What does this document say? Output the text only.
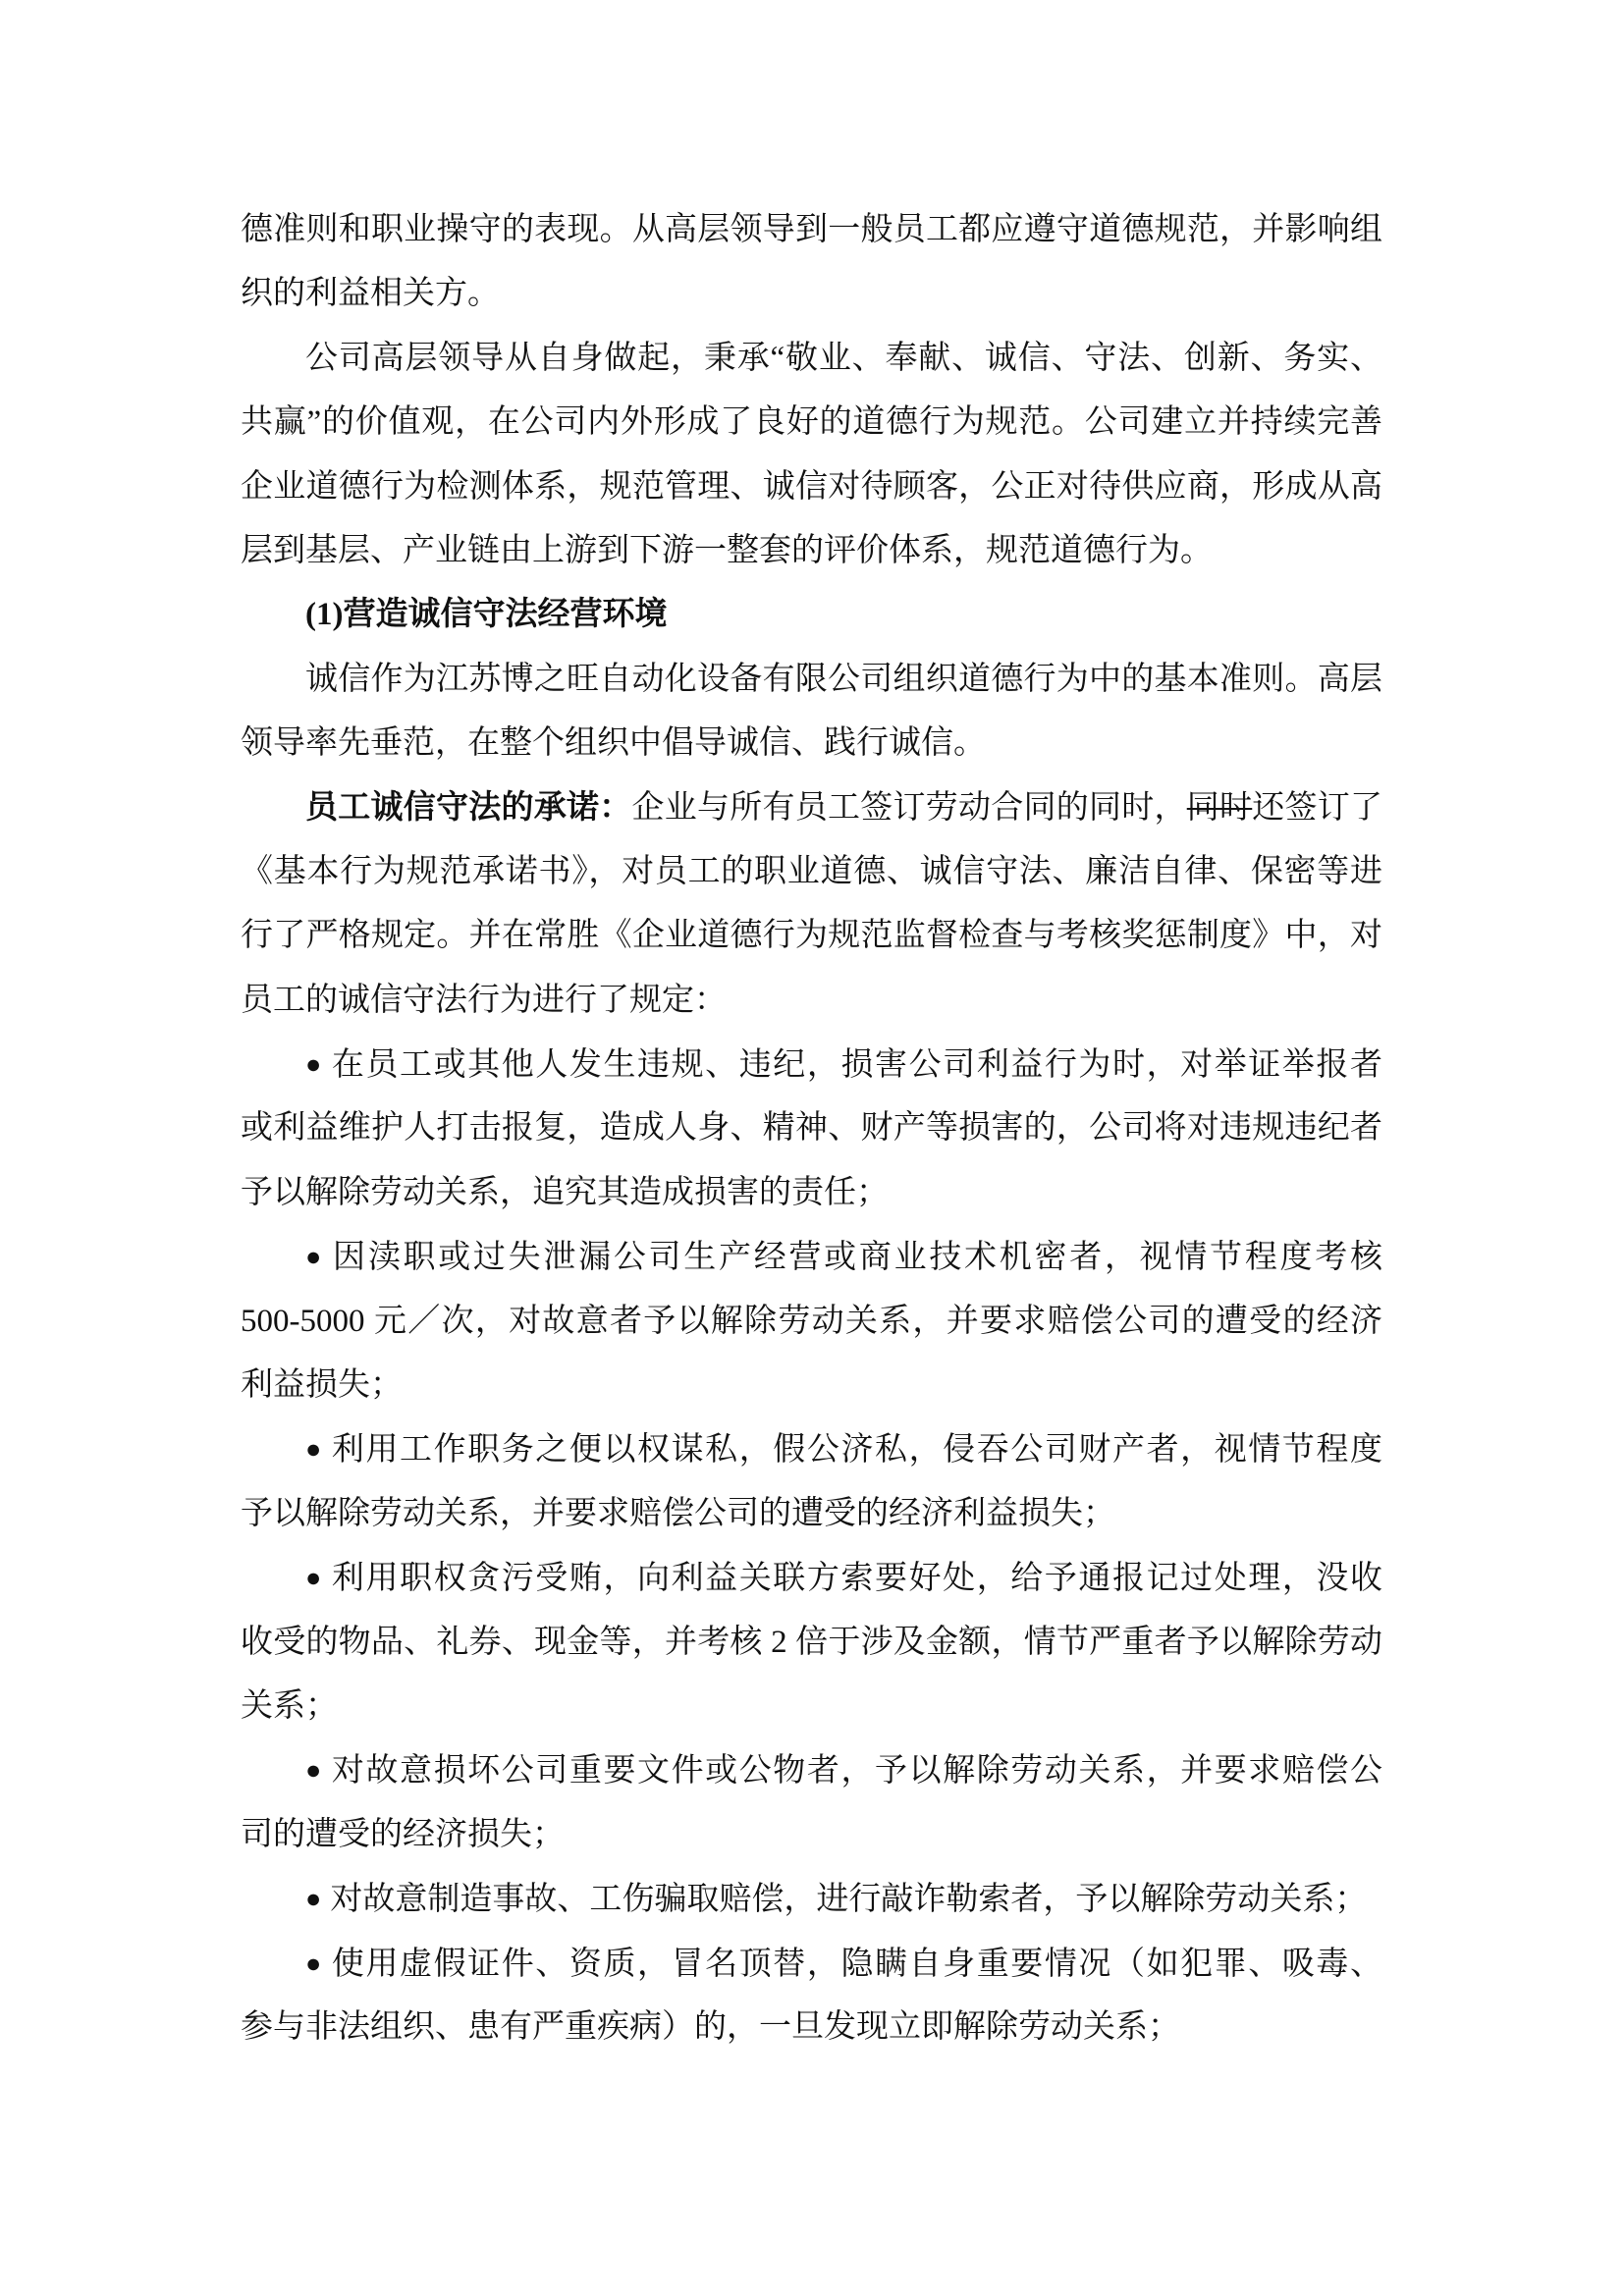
德准则和职业操守的表现。从高层领导到一般员工都应遵守道德规范，并影响组
织的利益相关方。
公司高层领导从自身做起，秉承“敬业、奉献、诚信、守法、创新、务实、
共赢”的价值观，在公司内外形成了良好的道德行为规范。公司建立并持续完善
企业道德行为检测体系，规范管理、诚信对待顾客，公正对待供应商，形成从高
层到基层、产业链由上游到下游一整套的评价体系，规范道德行为。
(1)营造诚信守法经营环境
诚信作为江苏博之旺自动化设备有限公司组织道德行为中的基本准则。高层
领导率先垂范，在整个组织中倡导诚信、践行诚信。
员工诚信守法的承诺：企业与所有员工签订劳动合同的同时，同时还签订了
《基本行为规范承诺书》，对员工的职业道德、诚信守法、廉洁自律、保密等进
行了严格规定。并在常胜《企业道德行为规范监督检查与考核奖惩制度》中，对
员工的诚信守法行为进行了规定：
● 在员工或其他人发生违规、违纪，损害公司利益行为时，对举证举报者
或利益维护人打击报复，造成人身、精神、财产等损害的，公司将对违规违纪者
予以解除劳动关系，追究其造成损害的责任；
● 因渎职或过失泄漏公司生产经营或商业技术机密者，视情节程度考核
500-5000 元／次，对故意者予以解除劳动关系，并要求赔偿公司的遭受的经济
利益损失；
● 利用工作职务之便以权谋私，假公济私，侵吞公司财产者，视情节程度
予以解除劳动关系，并要求赔偿公司的遭受的经济利益损失；
● 利用职权贪污受贿，向利益关联方索要好处，给予通报记过处理，没收
收受的物品、礼券、现金等，并考核 2 倍于涉及金额，情节严重者予以解除劳动
关系；
● 对故意损坏公司重要文件或公物者，予以解除劳动关系，并要求赔偿公
司的遭受的经济损失；
● 对故意制造事故、工伤骗取赔偿，进行敲诈勒索者，予以解除劳动关系；
● 使用虚假证件、资质，冒名顶替，隐瞒自身重要情况（如犯罪、吸毒、
参与非法组织、患有严重疾病）的，一旦发现立即解除劳动关系；
